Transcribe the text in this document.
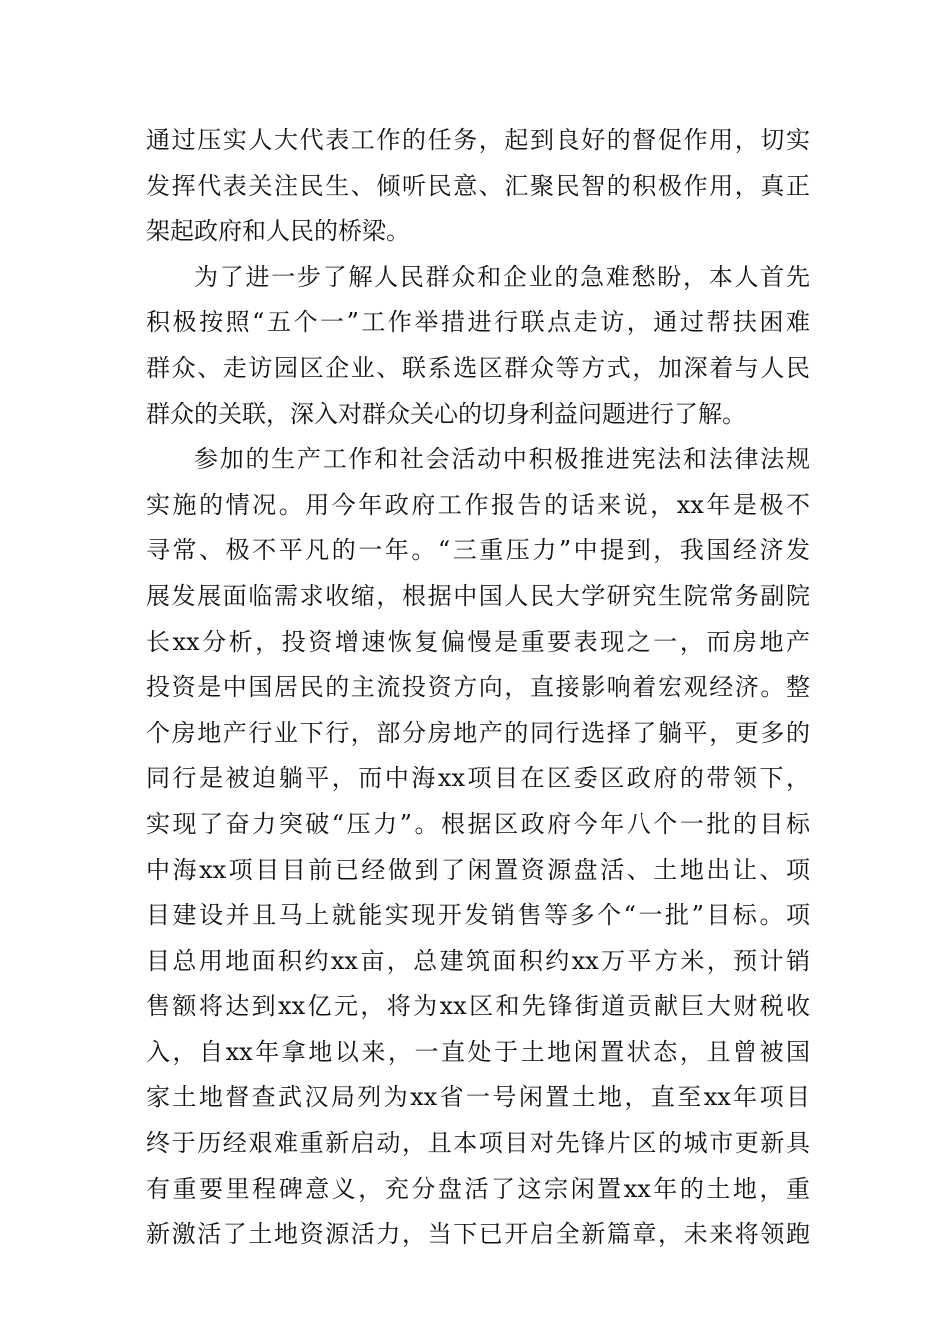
通过压实人大代表工作的任务，起到良好的督促作用，切实
发挥代表关注民生、倾听民意、汇聚民智的积极作用，真正
架起政府和人民的桥梁。
为了进一步了解人民群众和企业的急难愁盼，本人首先
积极按照“五个一”工作举措进行联点走访，通过帮扶困难
群众、走访园区企业、联系选区群众等方式，加深着与人民
群众的关联，深入对群众关心的切身利益问题进行了解。
参加的生产工作和社会活动中积极推进宪法和法律法规
实施的情况。用今年政府工作报告的话来说，xx年是极不
寻常、极不平凡的一年。“三重压力”中提到，我国经济发
展发展面临需求收缩，根据中国人民大学研究生院常务副院
长xx分析，投资增速恢复偏慢是重要表现之一，而房地产
投资是中国居民的主流投资方向，直接影响着宏观经济。整
个房地产行业下行，部分房地产的同行选择了躺平，更多的
同行是被迫躺平，而中海xx项目在区委区政府的带领下，
实现了奋力突破“压力”。根据区政府今年八个一批的目标
中海xx项目目前已经做到了闲置资源盘活、土地出让、项
目建设并且马上就能实现开发销售等多个“一批”目标。项
目总用地面积约xx亩，总建筑面积约xx万平方米，预计销
售额将达到xx亿元，将为xx区和先锋街道贡献巨大财税收
入，自xx年拿地以来，一直处于土地闲置状态，且曾被国
家土地督查武汉局列为xx省一号闲置土地，直至xx年项目
终于历经艰难重新启动，且本项目对先锋片区的城市更新具
有重要里程碑意义，充分盘活了这宗闲置xx年的土地，重
新激活了土地资源活力，当下已开启全新篇章，未来将领跑
